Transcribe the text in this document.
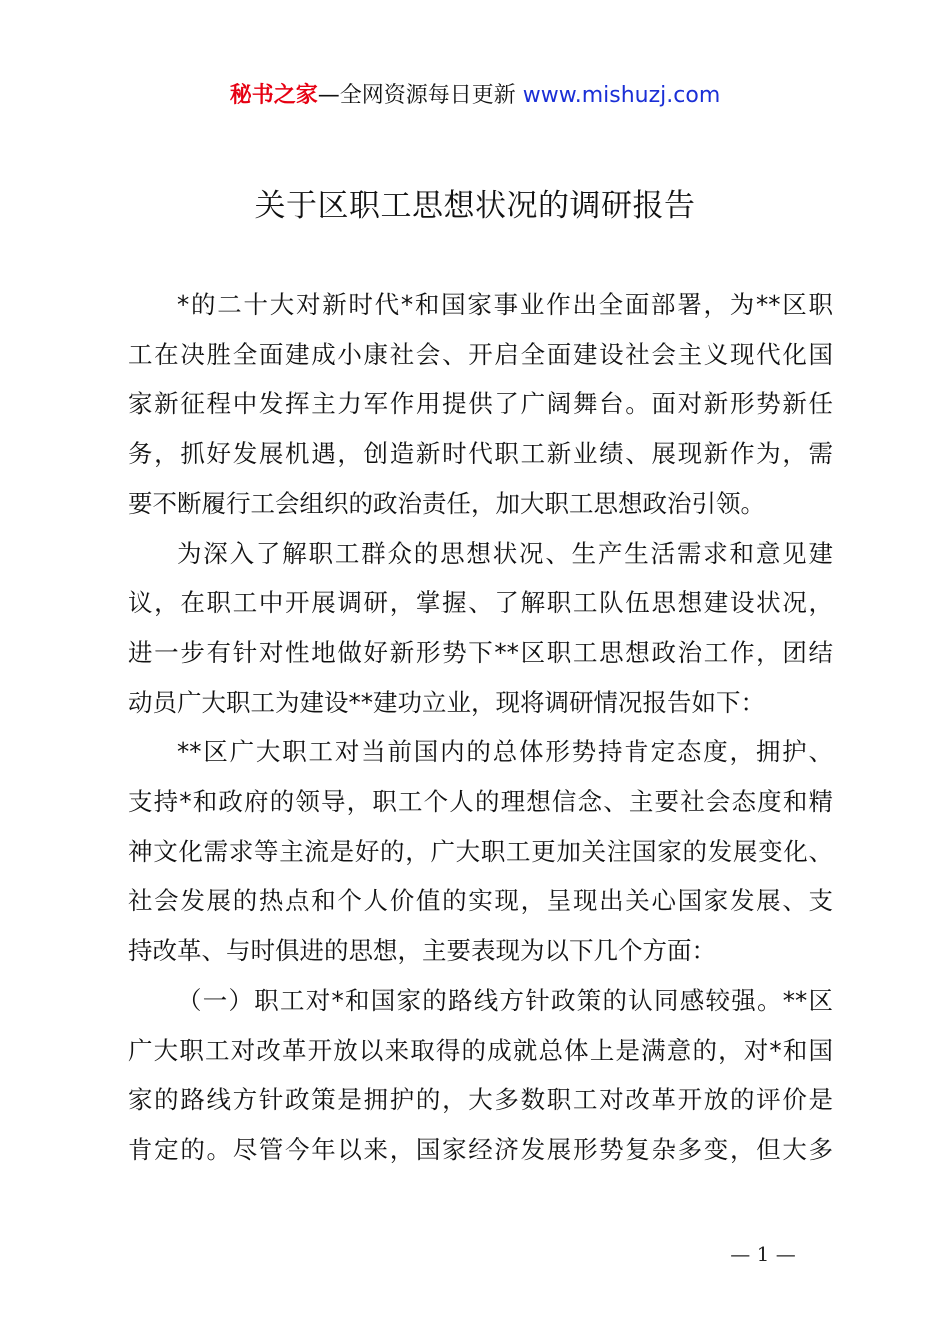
秘书之家—全网资源每日更新 www.mishuzj.com
关于区职工思想状况的调研报告
*的二十大对新时代*和国家事业作出全面部署，为**区职
工在决胜全面建成小康社会、开启全面建设社会主义现代化国
家新征程中发挥主力军作用提供了广阔舞台。面对新形势新任
务，抓好发展机遇，创造新时代职工新业绩、展现新作为，需
要不断履行工会组织的政治责任，加大职工思想政治引领。
为深入了解职工群众的思想状况、生产生活需求和意见建
议，在职工中开展调研，掌握、了解职工队伍思想建设状况，
进一步有针对性地做好新形势下**区职工思想政治工作，团结
动员广大职工为建设**建功立业，现将调研情况报告如下：
**区广大职工对当前国内的总体形势持肯定态度，拥护、
支持*和政府的领导，职工个人的理想信念、主要社会态度和精
神文化需求等主流是好的，广大职工更加关注国家的发展变化、
社会发展的热点和个人价值的实现，呈现出关心国家发展、支
持改革、与时俱进的思想，主要表现为以下几个方面：
（一）职工对*和国家的路线方针政策的认同感较强。**区
广大职工对改革开放以来取得的成就总体上是满意的，对*和国
家的路线方针政策是拥护的，大多数职工对改革开放的评价是
肯定的。尽管今年以来，国家经济发展形势复杂多变，但大多
— 1 —
